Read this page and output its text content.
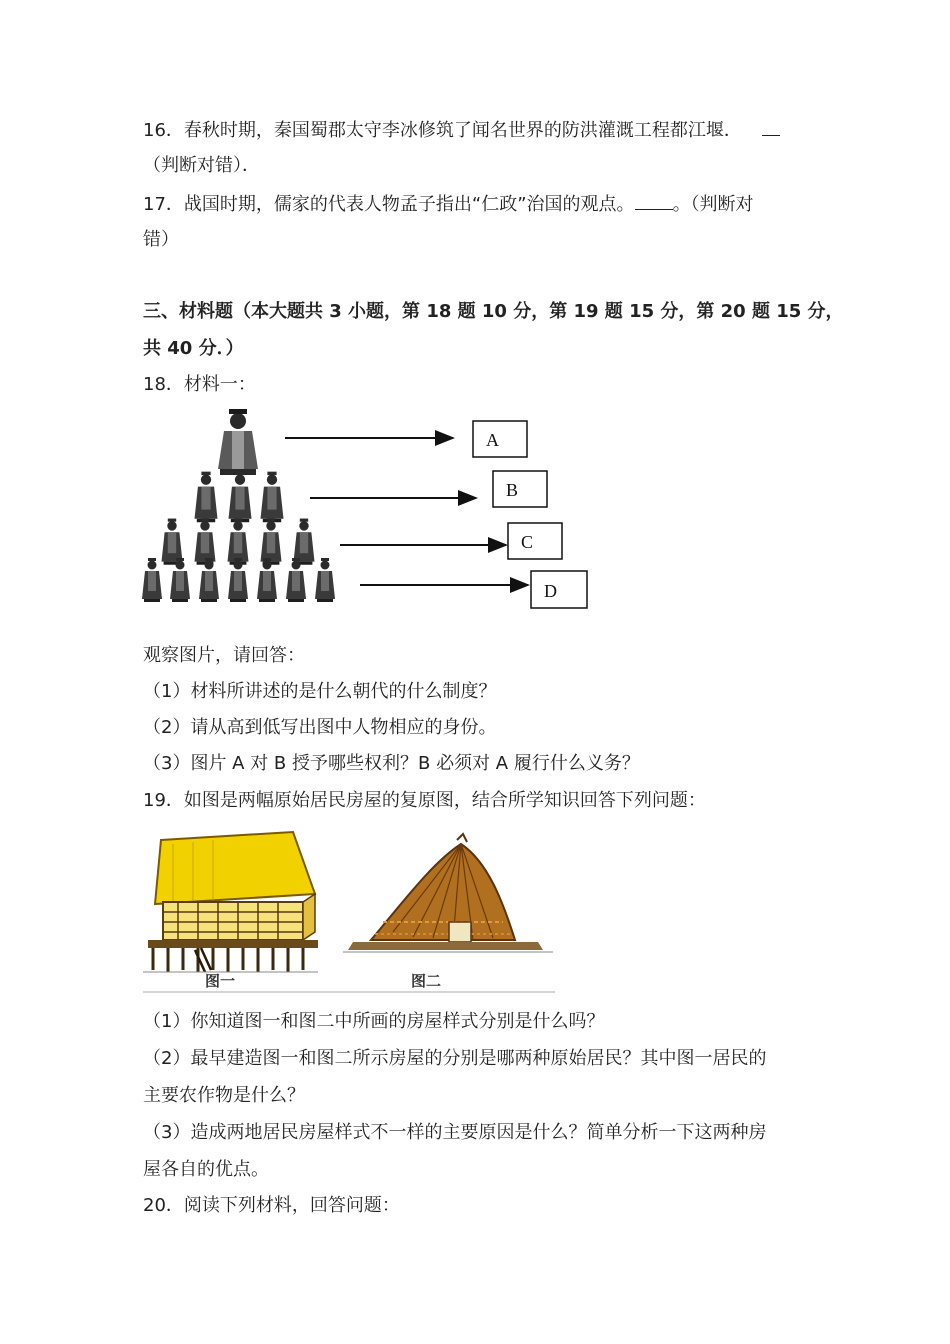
16．春秋时期，秦国蜀郡太守李冰修筑了闻名世界的防洪灌溉工程都江堰．
（判断对错）．
17．战国时期，儒家的代表人物孟子指出“仁政”治国的观点。 。（判断对
错）
三、材料题（本大题共 3 小题，第 18 题 10 分，第 19 题 15 分，第 20 题 15 分，
共 40 分．）
18．材料一：
A
B
C
D
观察图片，请回答：
（1）材料所讲述的是什么朝代的什么制度？
（2）请从高到低写出图中人物相应的身份。
（3）图片 A 对 B 授予哪些权利？B 必须对 A 履行什么义务？
19．如图是两幅原始居民房屋的复原图，结合所学知识回答下列问题：
图一	图二
（1）你知道图一和图二中所画的房屋样式分别是什么吗？
（2）最早建造图一和图二所示房屋的分别是哪两种原始居民？其中图一居民的
主要农作物是什么？
（3）造成两地居民房屋样式不一样的主要原因是什么？简单分析一下这两种房
屋各自的优点。
20．阅读下列材料，回答问题：
